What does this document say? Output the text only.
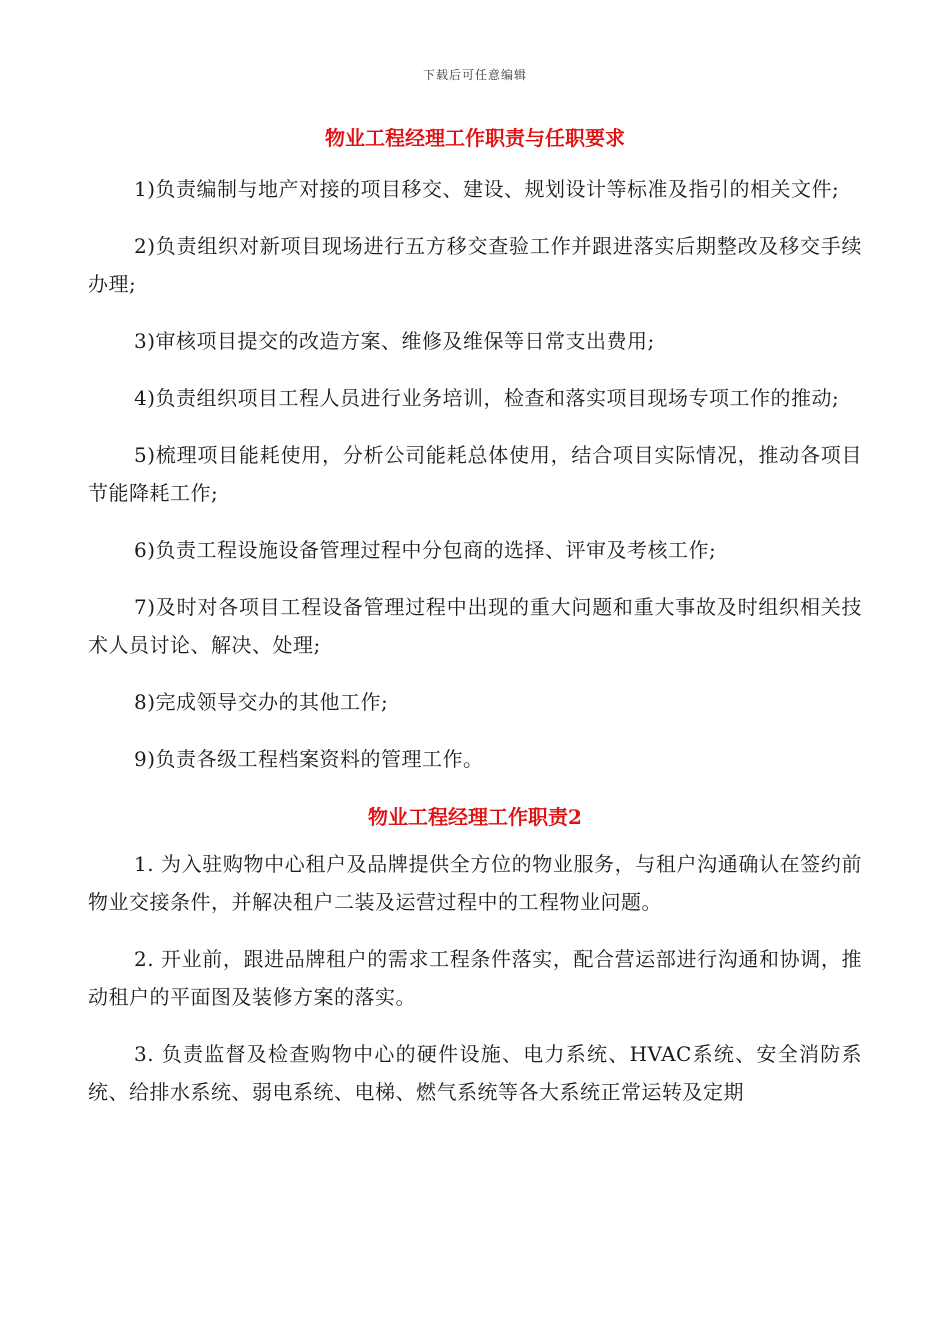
下载后可任意编辑
物业工程经理工作职责与任职要求

1)负责编制与地产对接的项目移交、建设、规划设计等标准及指引的相关文件;

2)负责组织对新项目现场进行五方移交查验工作并跟进落实后期整改及移交手续办理;

3)审核项目提交的改造方案、维修及维保等日常支出费用;

4)负责组织项目工程人员进行业务培训，检查和落实项目现场专项工作的推动;

5)梳理项目能耗使用，分析公司能耗总体使用，结合项目实际情况，推动各项目节能降耗工作;

6)负责工程设施设备管理过程中分包商的选择、评审及考核工作;

7)及时对各项目工程设备管理过程中出现的重大问题和重大事故及时组织相关技术人员讨论、解决、处理;

8)完成领导交办的其他工作;

9)负责各级工程档案资料的管理工作。

物业工程经理工作职责2

1. 为入驻购物中心租户及品牌提供全方位的物业服务，与租户沟通确认在签约前物业交接条件，并解决租户二装及运营过程中的工程物业问题。

2. 开业前，跟进品牌租户的需求工程条件落实，配合营运部进行沟通和协调，推动租户的平面图及装修方案的落实。

3. 负责监督及检查购物中心的硬件设施、电力系统、HVAC系统、安全消防系统、给排水系统、弱电系统、电梯、燃气系统等各大系统正常运转及定期
